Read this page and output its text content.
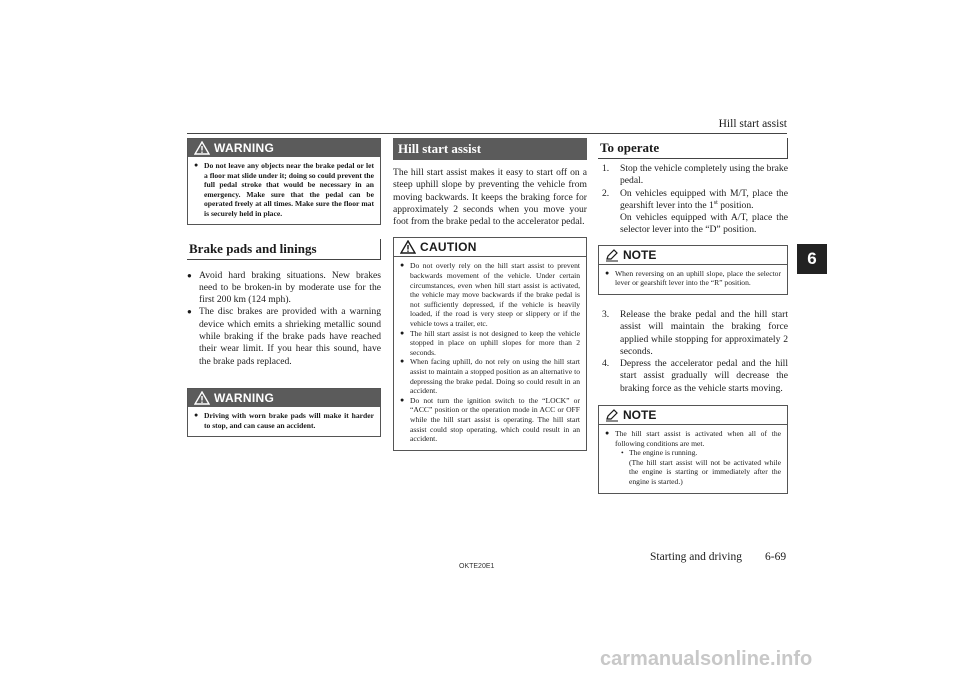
Hill start assist
6
WARNING
● Do not leave any objects near the brake pedal or let a floor mat slide under it; doing so could prevent the full pedal stroke that would be necessary in an emergency. Make sure that the pedal can be operated freely at all times. Make sure the floor mat is securely held in place.
Brake pads and linings
● Avoid hard braking situations. New brakes need to be broken-in by moderate use for the first 200 km (124 mph).
● The disc brakes are provided with a warning device which emits a shrieking metallic sound while braking if the brake pads have reached their wear limit. If you hear this sound, have the brake pads replaced.
WARNING
● Driving with worn brake pads will make it harder to stop, and can cause an accident.
Hill start assist
The hill start assist makes it easy to start off on a steep uphill slope by preventing the vehicle from moving backwards. It keeps the braking force for approximately 2 seconds when you move your foot from the brake pedal to the accelerator pedal.
CAUTION
● Do not overly rely on the hill start assist to prevent backwards movement of the vehicle. Under certain circumstances, even when hill start assist is activated, the vehicle may move backwards if the brake pedal is not sufficiently depressed, if the vehicle is heavily loaded, if the road is very steep or slippery or if the vehicle tows a trailer, etc.
● The hill start assist is not designed to keep the vehicle stopped in place on uphill slopes for more than 2 seconds.
● When facing uphill, do not rely on using the hill start assist to maintain a stopped position as an alternative to depressing the brake pedal. Doing so could result in an accident.
● Do not turn the ignition switch to the “LOCK” or “ACC” position or the operation mode in ACC or OFF while the hill start assist is operating. The hill start assist could stop operating, which could result in an accident.
To operate
1.	Stop the vehicle completely using the brake pedal.
2.	On vehicles equipped with M/T, place the gearshift lever into the 1st position.
On vehicles equipped with A/T, place the selector lever into the “D” position.
NOTE
● When reversing on an uphill slope, place the selector lever or gearshift lever into the “R” position.
3.	Release the brake pedal and the hill start assist will maintain the braking force applied while stopping for approximately 2 seconds.
4.	Depress the accelerator pedal and the hill start assist gradually will decrease the braking force as the vehicle starts moving.
NOTE
● The hill start assist is activated when all of the following conditions are met.
• The engine is running.
(The hill start assist will not be activated while the engine is starting or immediately after the engine is started.)
OKTE20E1
Starting and driving 6-69
carmanualsonline.info
